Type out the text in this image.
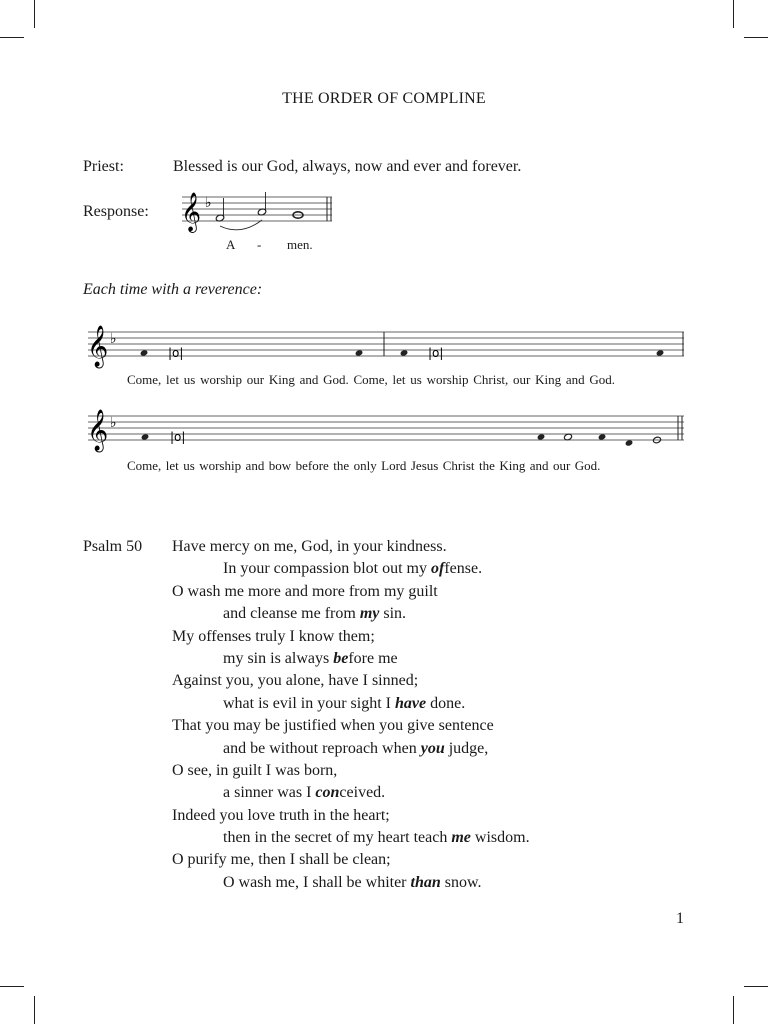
THE ORDER OF COMPLINE
Priest:	Blessed is our God, always, now and ever and forever.
Response: 𝄞 ♭
A - men.
Each time with a reverence:
𝄞 ♭
|o|	|o|
Come, let us worship our King and God. Come, let us worship Christ, our King and God.
𝄞 ♭
|o|
Come, let us worship and bow before the only Lord Jesus Christ the King and our God.
Psalm 50 Have mercy on me, God, in your kindness.
In your compassion blot out my offense.
O wash me more and more from my guilt
and cleanse me from my sin.
My offenses truly I know them;
my sin is always before me
Against you, you alone, have I sinned;
what is evil in your sight I have done.
That you may be justified when you give sentence
and be without reproach when you judge,
O see, in guilt I was born,
a sinner was I conceived.
Indeed you love truth in the heart;
then in the secret of my heart teach me wisdom.
O purify me, then I shall be clean;
O wash me, I shall be whiter than snow.
1
